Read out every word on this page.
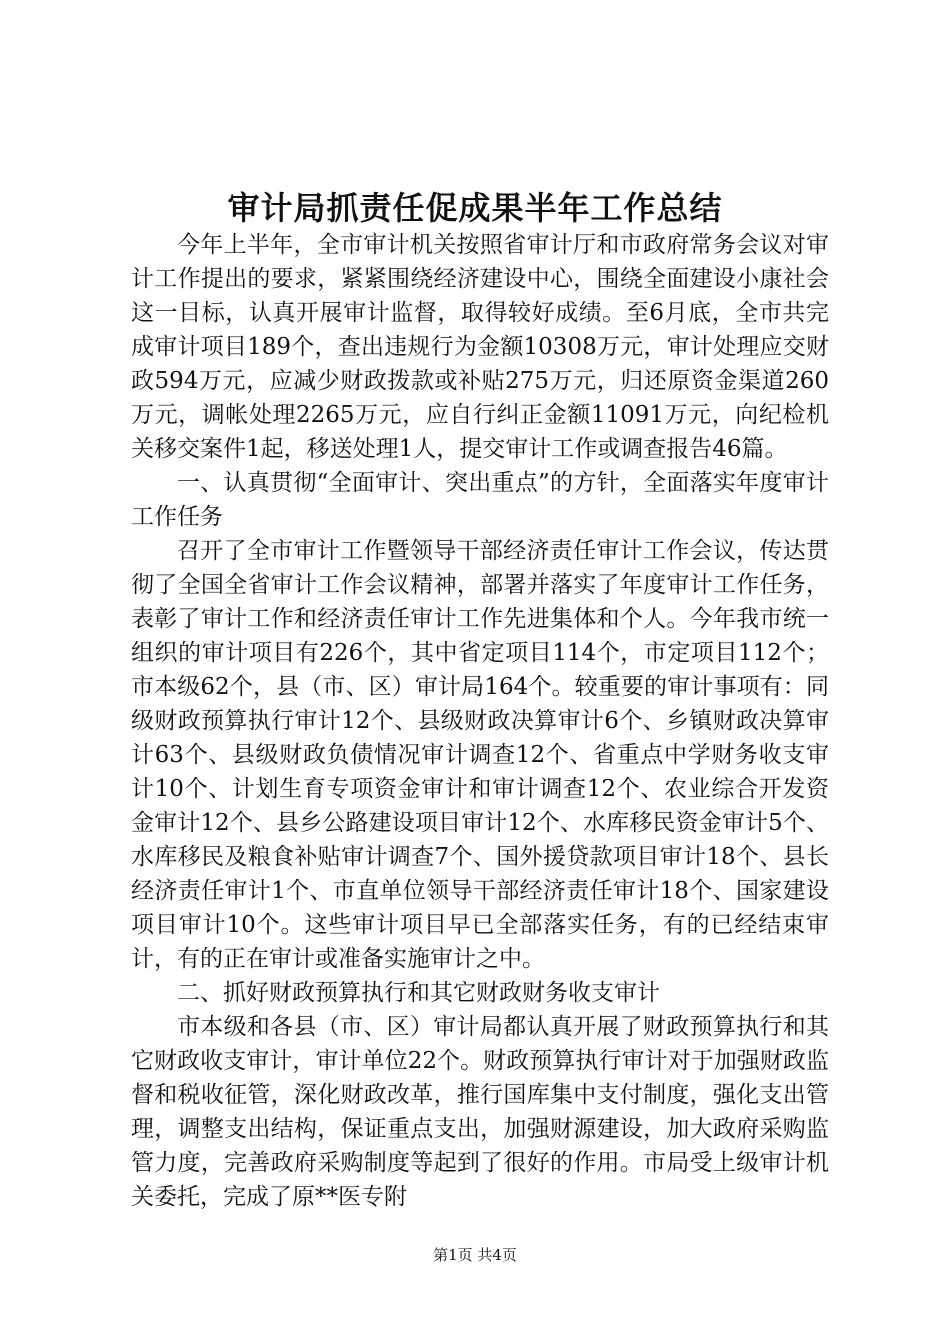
审计局抓责任促成果半年工作总结

今年上半年，全市审计机关按照省审计厅和市政府常务会议对审计工作提出的要求，紧紧围绕经济建设中心，围绕全面建设小康社会这一目标，认真开展审计监督，取得较好成绩。至6月底，全市共完成审计项目189个，查出违规行为金额10308万元，审计处理应交财政594万元，应减少财政拨款或补贴275万元，归还原资金渠道260万元，调帐处理2265万元，应自行纠正金额11091万元，向纪检机关移交案件1起，移送处理1人，提交审计工作或调查报告46篇。

一、认真贯彻“全面审计、突出重点”的方针，全面落实年度审计工作任务

召开了全市审计工作暨领导干部经济责任审计工作会议，传达贯彻了全国全省审计工作会议精神，部署并落实了年度审计工作任务，表彰了审计工作和经济责任审计工作先进集体和个人。今年我市统一组织的审计项目有226个，其中省定项目114个，市定项目112个；市本级62个，县（市、区）审计局164个。较重要的审计事项有：同级财政预算执行审计12个、县级财政决算审计6个、乡镇财政决算审计63个、县级财政负债情况审计调查12个、省重点中学财务收支审计10个、计划生育专项资金审计和审计调查12个、农业综合开发资金审计12个、县乡公路建设项目审计12个、水库移民资金审计5个、水库移民及粮食补贴审计调查7个、国外援贷款项目审计18个、县长经济责任审计1个、市直单位领导干部经济责任审计18个、国家建设项目审计10个。这些审计项目早已全部落实任务，有的已经结束审计，有的正在审计或准备实施审计之中。

二、抓好财政预算执行和其它财政财务收支审计

市本级和各县（市、区）审计局都认真开展了财政预算执行和其它财政收支审计，审计单位22个。财政预算执行审计对于加强财政监督和税收征管，深化财政改革，推行国库集中支付制度，强化支出管理，调整支出结构，保证重点支出，加强财源建设，加大政府采购监管力度，完善政府采购制度等起到了很好的作用。市局受上级审计机关委托，完成了原**医专附

第1页 共4页
